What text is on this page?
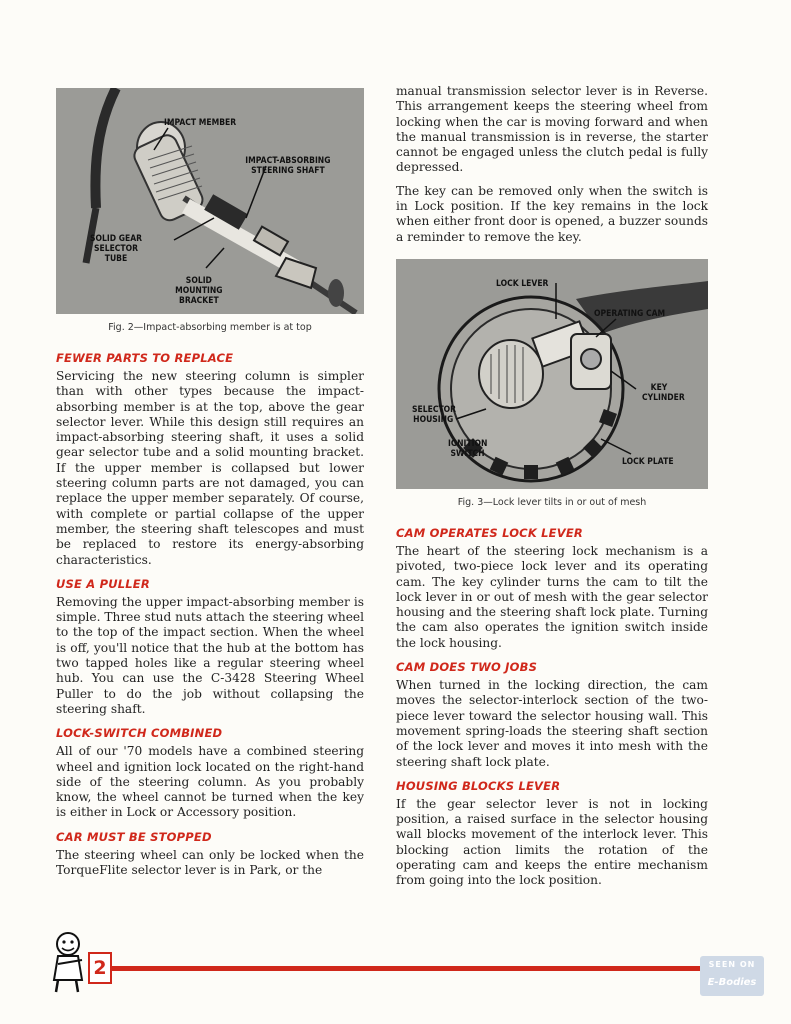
IMPACT MEMBER
IMPACT-ABSORBING STEERING SHAFT
SOLID GEAR SELECTOR TUBE
SOLID MOUNTING BRACKET
Fig. 2—Impact-absorbing member is at top
FEWER PARTS TO REPLACE

Servicing the new steering column is simpler than with other types because the impact-absorbing member is at the top, above the gear selector lever. While this design still requires an impact-absorbing steering shaft, it uses a solid gear selector tube and a solid mounting bracket. If the upper member is collapsed but lower steering column parts are not damaged, you can replace the upper member separately. Of course, with complete or partial collapse of the upper member, the steering shaft telescopes and must be replaced to restore its energy-absorbing characteristics.

USE A PULLER

Removing the upper impact-absorbing member is simple. Three stud nuts attach the steering wheel to the top of the impact section. When the wheel is off, you'll notice that the hub at the bottom has two tapped holes like a regular steering wheel hub. You can use the C-3428 Steering Wheel Puller to do the job without collapsing the steering shaft.

LOCK-SWITCH COMBINED

All of our '70 models have a combined steering wheel and ignition lock located on the right-hand side of the steering column. As you probably know, the wheel cannot be turned when the key is either in Lock or Accessory position.

CAR MUST BE STOPPED

The steering wheel can only be locked when the TorqueFlite selector lever is in Park, or the

manual transmission selector lever is in Reverse. This arrangement keeps the steering wheel from locking when the car is moving forward and when the manual transmission is in reverse, the starter cannot be engaged unless the clutch pedal is fully depressed.

The key can be removed only when the switch is in Lock position. If the key remains in the lock when either front door is opened, a buzzer sounds a reminder to remove the key.

LOCK LEVER
OPERATING CAM
SELECTOR HOUSING
KEY CYLINDER
IGNITION SWITCH
LOCK PLATE
Fig. 3—Lock lever tilts in or out of mesh
CAM OPERATES LOCK LEVER

The heart of the steering lock mechanism is a pivoted, two-piece lock lever and its operating cam. The key cylinder turns the cam to tilt the lock lever in or out of mesh with the gear selector housing and the steering shaft lock plate. Turning the cam also operates the ignition switch inside the lock housing.

CAM DOES TWO JOBS

When turned in the locking direction, the cam moves the selector-interlock section of the two-piece lever toward the selector housing wall. This movement spring-loads the steering shaft section of the lock lever and moves it into mesh with the steering shaft lock plate.

HOUSING BLOCKS LEVER

If the gear selector lever is not in locking position, a raised surface in the selector housing wall blocks movement of the interlock lever. This blocking action limits the rotation of the operating cam and keeps the entire mechanism from going into the lock position.

2	SEEN ON
E-Bodies
